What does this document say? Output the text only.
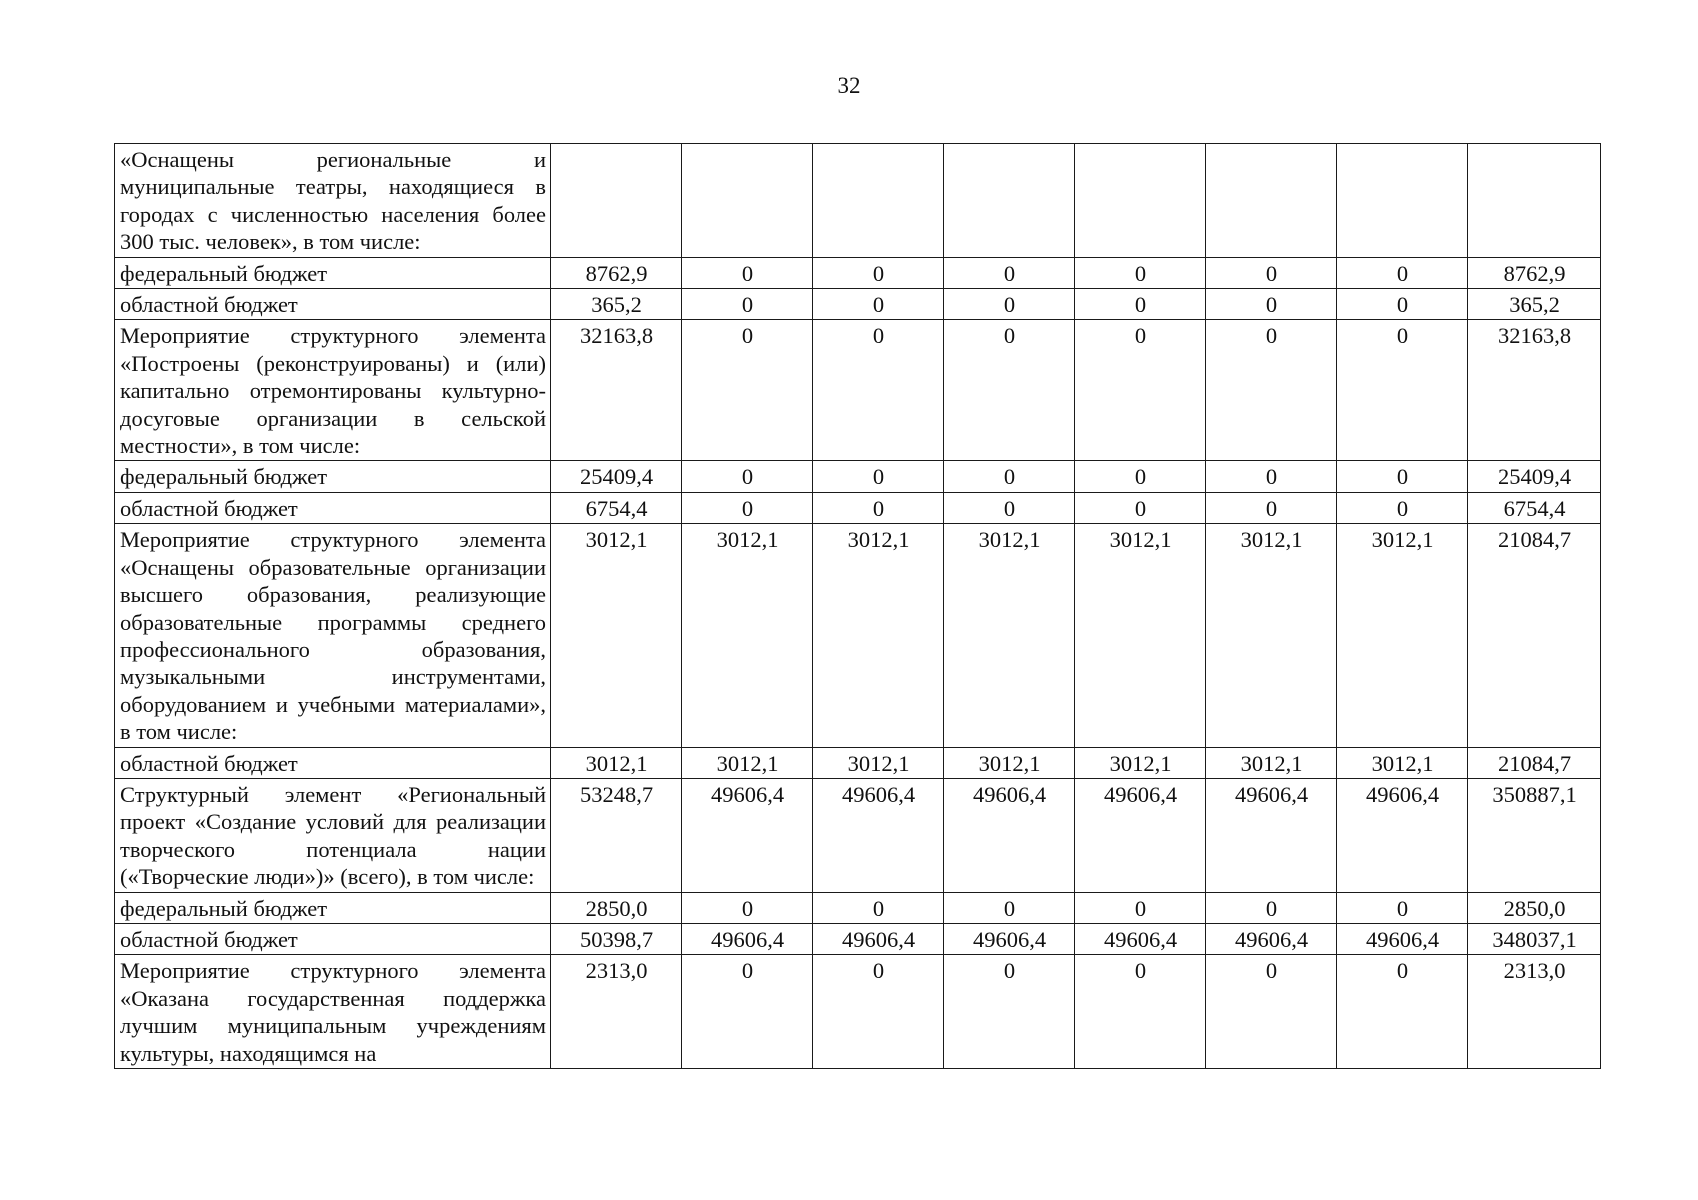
32
«Оснащены региональные и муниципальные театры, находящиеся в городах с численностью населения более 300 тыс. человек», в том числе:								
федеральный бюджет	8762,9	0	0	0	0	0	0	8762,9
областной бюджет	365,2	0	0	0	0	0	0	365,2
Мероприятие структурного элемента «Построены (реконструированы) и (или) капитально отремонтированы культурно-досуговые организации в сельской местности», в том числе:	32163,8	0	0	0	0	0	0	32163,8
федеральный бюджет	25409,4	0	0	0	0	0	0	25409,4
областной бюджет	6754,4	0	0	0	0	0	0	6754,4
Мероприятие структурного элемента «Оснащены образовательные организации высшего образования, реализующие образовательные программы среднего профессионального образования, музыкальными инструментами, оборудованием и учебными материалами», в том числе:	3012,1	3012,1	3012,1	3012,1	3012,1	3012,1	3012,1	21084,7
областной бюджет	3012,1	3012,1	3012,1	3012,1	3012,1	3012,1	3012,1	21084,7
Структурный элемент «Региональный проект «Создание условий для реализации творческого потенциала нации («Творческие люди»)» (всего), в том числе:	53248,7	49606,4	49606,4	49606,4	49606,4	49606,4	49606,4	350887,1
федеральный бюджет	2850,0	0	0	0	0	0	0	2850,0
областной бюджет	50398,7	49606,4	49606,4	49606,4	49606,4	49606,4	49606,4	348037,1
Мероприятие структурного элемента «Оказана государственная поддержка лучшим муниципальным учреждениям культуры, находящимся на	2313,0	0	0	0	0	0	0	2313,0
